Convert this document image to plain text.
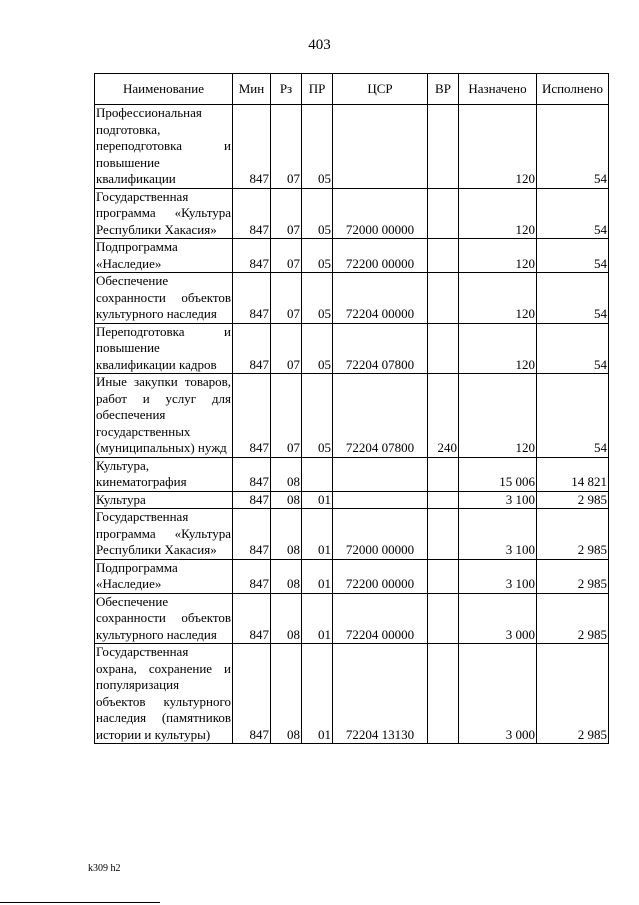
403
Наименование	Мин	Рз	ПР	ЦСР	ВР	Назначено	Исполнено
Профессиональная подготовка, переподготовка и повышение квалификации	847	07	05			120	54
Государственная программа «Культура Республики Хакасия»	847	07	05	72000 00000		120	54
Подпрограмма «Наследие»	847	07	05	72200 00000		120	54
Обеспечение сохранности объектов культурного наследия	847	07	05	72204 00000		120	54
Переподготовка и повышение квалификации кадров	847	07	05	72204 07800		120	54
Иные закупки товаров, работ и услуг для обеспечения государственных (муниципальных) нужд	847	07	05	72204 07800	240	120	54
Культура, кинематография	847	08				15 006	14 821
Культура	847	08	01			3 100	2 985
Государственная программа «Культура Республики Хакасия»	847	08	01	72000 00000		3 100	2 985
Подпрограмма «Наследие»	847	08	01	72200 00000		3 100	2 985
Обеспечение сохранности объектов культурного наследия	847	08	01	72204 00000		3 000	2 985
Государственная охрана, сохранение и популяризация объектов культурного наследия (памятников истории и культуры)	847	08	01	72204 13130		3 000	2 985
k309 h2
